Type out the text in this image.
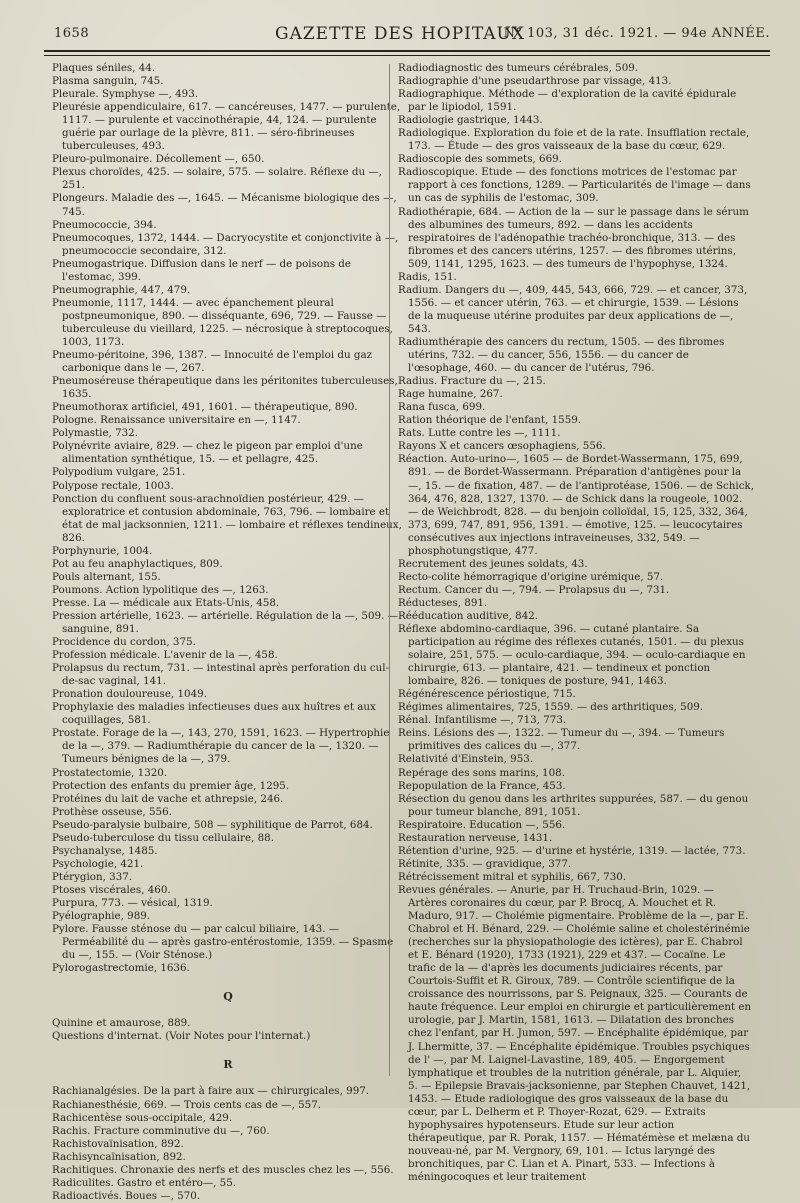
1658	GAZETTE DES HOPITAUX
N° 103, 31 déc. 1921. — 94e ANNÉE.

Plaques séniles, 44.

Plasma sanguin, 745.

Pleurale. Symphyse —, 493.

Pleurésie appendiculaire, 617. — cancéreuses, 1477. — purulente, 1117. — purulente et vaccinothérapie, 44, 124. — purulente guérie par ourlage de la plèvre, 811. — séro-fibrineuses tuberculeuses, 493.

Pleuro-pulmonaire. Décollement —, 650.

Plexus choroïdes, 425. — solaire, 575. — solaire. Réflexe du —, 251.

Plongeurs. Maladie des —, 1645. — Mécanisme biologique des —, 745.

Pneumococcie, 394.

Pneumocoques, 1372, 1444. — Dacryocystite et conjonctivite à —, pneumococcie secondaire, 312.

Pneumogastrique. Diffusion dans le nerf — de poisons de l'estomac, 399.

Pneumographie, 447, 479.

Pneumonie, 1117, 1444. — avec épanchement pleural postpneumonique, 890. — disséquante, 696, 729. — Fausse — tuberculeuse du vieillard, 1225. — nécrosique à streptocoques, 1003, 1173.

Pneumo-péritoine, 396, 1387. — Innocuité de l'emploi du gaz carbonique dans le —, 267.

Pneumoséreuse thérapeutique dans les péritonites tuberculeuses, 1635.

Pneumothorax artificiel, 491, 1601. — thérapeutique, 890.

Pologne. Renaissance universitaire en —, 1147.

Polymastie, 732.

Polynévrite aviaire, 829. — chez le pigeon par emploi d'une alimentation synthétique, 15. — et pellagre, 425.

Polypodium vulgare, 251.

Polypose rectale, 1003.

Ponction du confluent sous-arachnoïdien postérieur, 429. — exploratrice et contusion abdominale, 763, 796. — lombaire et état de mal jacksonnien, 1211. — lombaire et réflexes tendineux, 826.

Porphynurie, 1004.

Pot au feu anaphylactiques, 809.

Pouls alternant, 155.

Poumons. Action lypolitique des —, 1263.

Presse. La — médicale aux Etats-Unis, 458.

Pression artérielle, 1623. — artérielle. Régulation de la —, 509. — sanguine, 891.

Procidence du cordon, 375.

Profession médicale. L'avenir de la —, 458.

Prolapsus du rectum, 731. — intestinal après perforation du cul-de-sac vaginal, 141.

Pronation douloureuse, 1049.

Prophylaxie des maladies infectieuses dues aux huîtres et aux coquillages, 581.

Prostate. Forage de la —, 143, 270, 1591, 1623. — Hypertrophie de la —, 379. — Radiumthérapie du cancer de la —, 1320. — Tumeurs bénignes de la —, 379.

Prostatectomie, 1320.

Protection des enfants du premier âge, 1295.

Protéines du lait de vache et athrepsie, 246.

Prothèse osseuse, 556.

Pseudo-paralysie bulbaire, 508 — syphilitique de Parrot, 684.

Pseudo-tuberculose du tissu cellulaire, 88.

Psychanalyse, 1485.

Psychologie, 421.

Ptérygion, 337.

Ptoses viscérales, 460.

Purpura, 773. — vésical, 1319.

Pyélographie, 989.

Pylore. Fausse sténose du — par calcul biliaire, 143. — Perméabilité du — après gastro-entérostomie, 1359. — Spasme du —, 155. — (Voir Sténose.)

Pylorogastrectomie, 1636.

Q

Quinine et amaurose, 889.

Questions d'internat. (Voir Notes pour l'internat.)

R

Rachianalgésies. De la part à faire aux — chirurgicales, 997.

Rachianesthésie, 669. — Trois cents cas de —, 557.

Rachicentèse sous-occipitale, 429.

Rachis. Fracture comminutive du —, 760.

Rachistovaïnisation, 892.

Rachisyncaïnisation, 892.

Rachitiques. Chronaxie des nerfs et des muscles chez les —, 556.

Radiculites. Gastro et entéro—, 55.

Radioactivés. Boues —, 570.

Radiodiagnostic des tumeurs cérébrales, 509.

Radiographie d'une pseudarthrose par vissage, 413.

Radiographique. Méthode — d'exploration de la cavité épidurale par le lipiodol, 1591.

Radiologie gastrique, 1443.

Radiologique. Exploration du foie et de la rate. Insufflation rectale, 173. — Étude — des gros vaisseaux de la base du cœur, 629.

Radioscopie des sommets, 669.

Radioscopique. Etude — des fonctions motrices de l'estomac par rapport à ces fonctions, 1289. — Particularités de l'image — dans un cas de syphilis de l'estomac, 309.

Radiothérapie, 684. — Action de la — sur le passage dans le sérum des albumines des tumeurs, 892. — dans les accidents respiratoires de l'adénopathie trachéo-bronchique, 313. — des fibromes et des cancers utérins, 1257. — des fibromes utérins, 509, 1141, 1295, 1623. — des tumeurs de l'hypophyse, 1324.

Radis, 151.

Radium. Dangers du —, 409, 445, 543, 666, 729. — et cancer, 373, 1556. — et cancer utérin, 763. — et chirurgie, 1539. — Lésions de la muqueuse utérine produites par deux applications de —, 543.

Radiumthérapie des cancers du rectum, 1505. — des fibromes utérins, 732. — du cancer, 556, 1556. — du cancer de l'œsophage, 460. — du cancer de l'utérus, 796.

Radius. Fracture du —, 215.

Rage humaine, 267.

Rana fusca, 699.

Ration théorique de l'enfant, 1559.

Rats. Lutte contre les —, 1111.

Rayons X et cancers œsophagiens, 556.

Réaction. Auto-urino—, 1605 — de Bordet-Wassermann, 175, 699, 891. — de Bordet-Wassermann. Préparation d'antigènes pour la —, 15. — de fixation, 487. — de l'antiprotéase, 1506. — de Schick, 364, 476, 828, 1327, 1370. — de Schick dans la rougeole, 1002. — de Weichbrodt, 828. — du benjoin colloïdal, 15, 125, 332, 364, 373, 699, 747, 891, 956, 1391. — émotive, 125. — leucocytaires consécutives aux injections intraveineuses, 332, 549. — phosphotungstique, 477.

Recrutement des jeunes soldats, 43.

Recto-colite hémorragique d'origine urémique, 57.

Rectum. Cancer du —, 794. — Prolapsus du —, 731.

Réducteses, 891.

Rééducation auditive, 842.

Réflexe abdomino-cardiaque, 396. — cutané plantaire. Sa participation au régime des réflexes cutanés, 1501. — du plexus solaire, 251, 575. — oculo-cardiaque, 394. — oculo-cardiaque en chirurgie, 613. — plantaire, 421. — tendineux et ponction lombaire, 826. — toniques de posture, 941, 1463.

Régénérescence périostique, 715.

Régimes alimentaires, 725, 1559. — des arthritiques, 509.

Rénal. Infantilisme —, 713, 773.

Reins. Lésions des —, 1322. — Tumeur du —, 394. — Tumeurs primitives des calices du —, 377.

Relativité d'Einstein, 953.

Repérage des sons marins, 108.

Repopulation de la France, 453.

Résection du genou dans les arthrites suppurées, 587. — du genou pour tumeur blanche, 891, 1051.

Respiratoire. Education —, 556.

Restauration nerveuse, 1431.

Rétention d'urine, 925. — d'urine et hystérie, 1319. — lactée, 773.

Rétinite, 335. — gravidique, 377.

Rétrécissement mitral et syphilis, 667, 730.

Revues générales. — Anurie, par H. Truchaud-Brin, 1029. — Artères coronaires du cœur, par P. Brocq, A. Mouchet et R. Maduro, 917. — Cholémie pigmentaire. Problème de la —, par E. Chabrol et H. Bénard, 229. — Cholémie saline et cholestérinémie (recherches sur la physiopathologie des ictères), par E. Chabrol et E. Bénard (1920), 1733 (1921), 229 et 437. — Cocaïne. Le trafic de la — d'après les documents judiciaires récents, par Courtois-Suffit et R. Giroux, 789. — Contrôle scientifique de la croissance des nourrissons, par S. Peignaux, 325. — Courants de haute fréquence. Leur emploi en chirurgie et particulièrement en urologie, par J. Martin, 1581, 1613. — Dilatation des bronches chez l'enfant, par H. Jumon, 597. — Encéphalite épidémique, par J. Lhermitte, 37. — Encéphalite épidémique. Troubles psychiques de l' —, par M. Laignel-Lavastine, 189, 405. — Engorgement lymphatique et troubles de la nutrition générale, par L. Alquier, 5. — Epilepsie Bravais-jacksonienne, par Stephen Chauvet, 1421, 1453. — Etude radiologique des gros vaisseaux de la base du cœur, par L. Delherm et P. Thoyer-Rozat, 629. — Extraits hypophysaires hypotenseurs. Etude sur leur action thérapeutique, par R. Porak, 1157. — Hématémèse et melæna du nouveau-né, par M. Vergnory, 69, 101. — Ictus laryngé des bronchitiques, par C. Lian et A. Pinart, 533. — Infections à méningocoques et leur traitement
